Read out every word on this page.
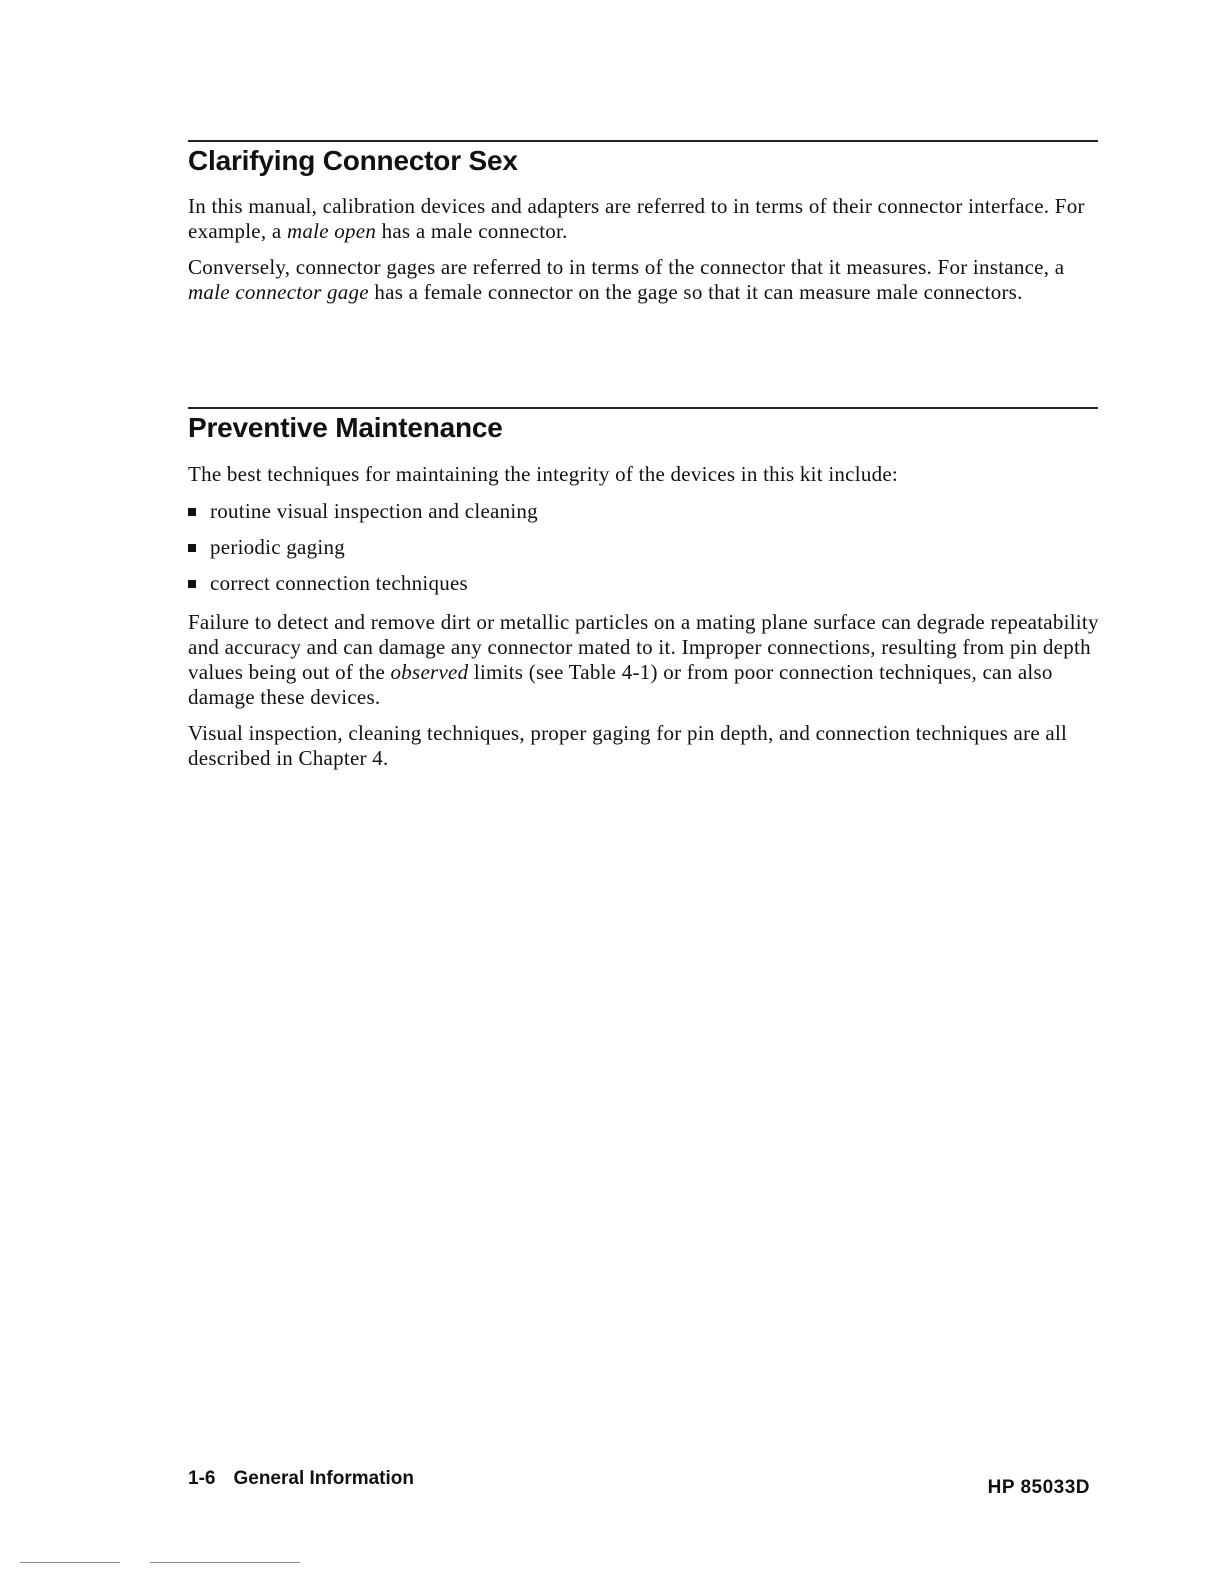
Clarifying Connector Sex

In this manual, calibration devices and adapters are referred to in terms of their connector interface. For example, a male open has a male connector.

Conversely, connector gages are referred to in terms of the connector that it measures. For instance, a male connector gage has a female connector on the gage so that it can measure male connectors.

Preventive Maintenance

The best techniques for maintaining the integrity of the devices in this kit include:

routine visual inspection and cleaning
periodic gaging
correct connection techniques

Failure to detect and remove dirt or metallic particles on a mating plane surface can degrade repeatability and accuracy and can damage any connector mated to it. Improper connections, resulting from pin depth values being out of the observed limits (see Table 4-1) or from poor connection techniques, can also damage these devices.

Visual inspection, cleaning techniques, proper gaging for pin depth, and connection techniques are all described in Chapter 4.

1-6 General Information	HP 85033D
